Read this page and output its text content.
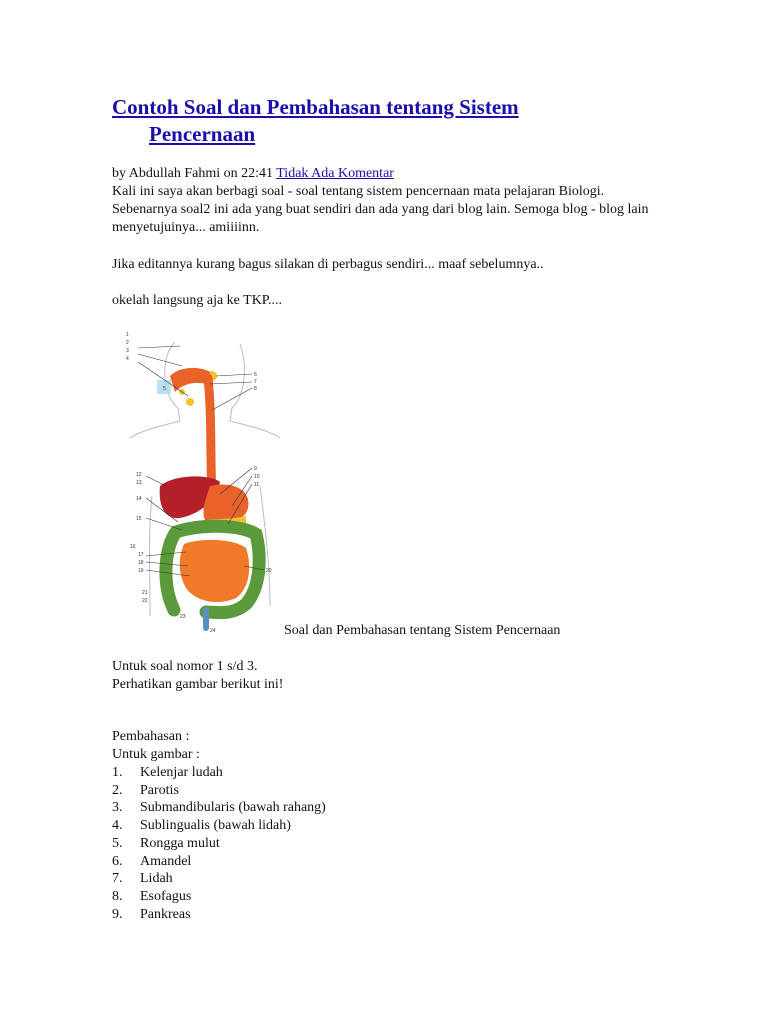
Contoh Soal dan Pembahasan tentang Sistem
Pencernaan
by Abdullah Fahmi on 22:41 Tidak Ada Komentar
Kali ini saya akan berbagi soal - soal tentang sistem pencernaan mata pelajaran Biologi. Sebenarnya soal2 ini ada yang buat sendiri dan ada yang dari blog lain. Semoga blog - blog lain menyetujuinya... amiiiinn.

Jika editannya kurang bagus silakan di perbagus sendiri... maaf sebelumnya..

okelah langsung aja ke TKP....

1
2
3
4
5
6
7
8
9
10
11
12
13
14
15
16
17
18
19	20
21
22
23
24	Soal dan Pembahasan tentang Sistem Pencernaan

Untuk soal nomor 1 s/d 3.

Perhatikan gambar berikut ini!

Pembahasan :

Untuk gambar :

1.	Kelenjar ludah
2.	Parotis
3.	Submandibularis (bawah rahang)
4.	Sublingualis (bawah lidah)
5.	Rongga mulut
6.	Amandel
7.	Lidah
8.	Esofagus
9.	Pankreas
